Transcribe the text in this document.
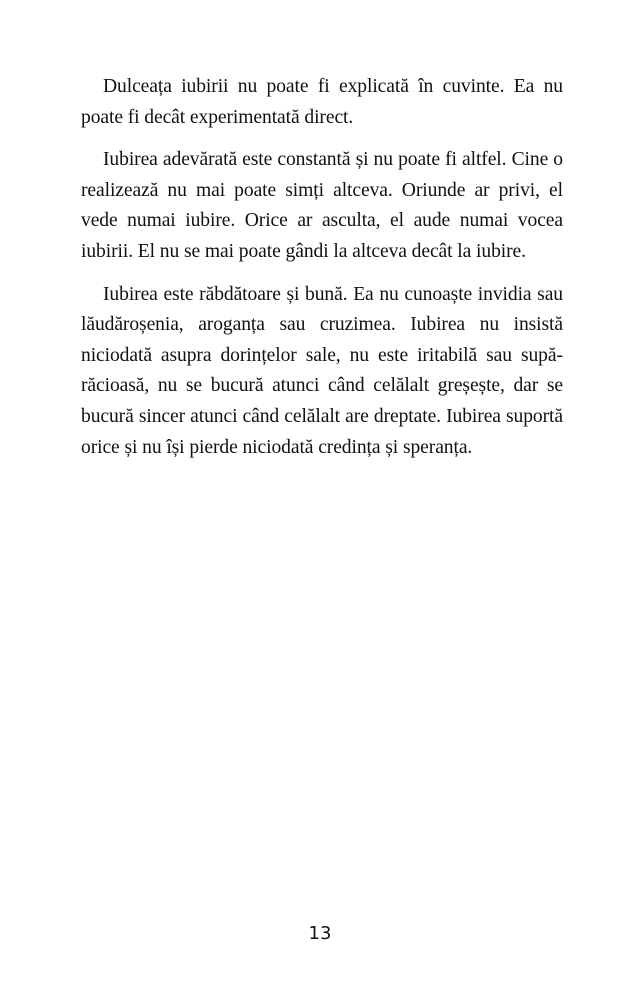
Dulceața iubirii nu poate fi explicată în cuvinte. Ea nu poate fi decât experimentată direct.

Iubirea adevărată este constantă și nu poate fi altfel. Cine o realizează nu mai poate simți altceva. Oriunde ar privi, el vede numai iubire. Orice ar asculta, el aude numai vocea iubirii. El nu se mai poate gândi la altceva decât la iubire.

Iubirea este răbdătoare și bună. Ea nu cunoaște invidia sau lăudăroșenia, aroganța sau cruzimea. Iubirea nu insistă niciodată asupra dorințelor sale, nu este iritabilă sau supărăcioasă, nu se bucură atunci când celălalt greșește, dar se bucură sincer atunci când celălalt are dreptate. Iubirea suportă orice și nu își pierde niciodată credința și speranța.

13
